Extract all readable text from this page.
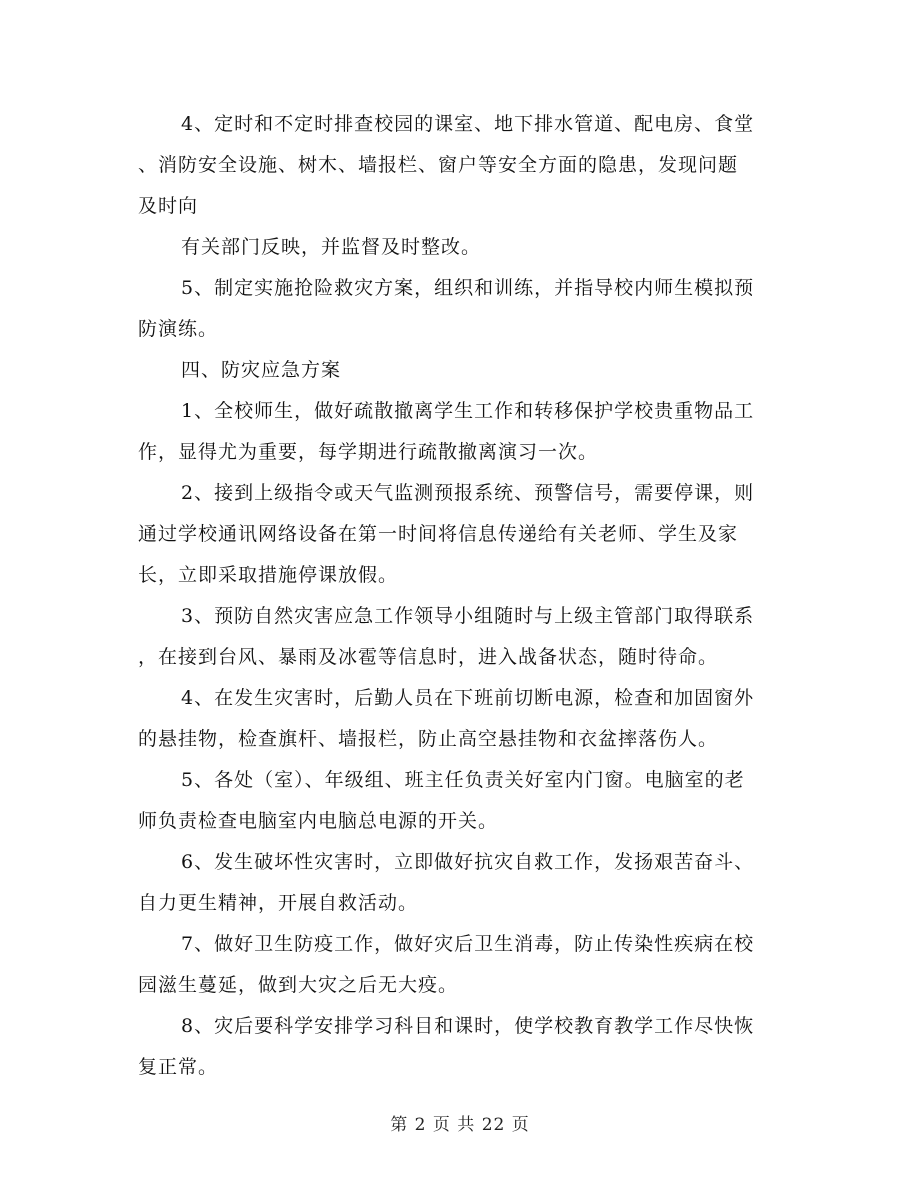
4、定时和不定时排查校园的课室、地下排水管道、配电房、食堂
、消防安全设施、树木、墙报栏、窗户等安全方面的隐患，发现问题
及时向

有关部门反映，并监督及时整改。

5、制定实施抢险救灾方案，组织和训练，并指导校内师生模拟预
防演练。

四、防灾应急方案

1、全校师生，做好疏散撤离学生工作和转移保护学校贵重物品工
作，显得尤为重要，每学期进行疏散撤离演习一次。

2、接到上级指令或天气监测预报系统、预警信号，需要停课，则
通过学校通讯网络设备在第一时间将信息传递给有关老师、学生及家
长，立即采取措施停课放假。

3、预防自然灾害应急工作领导小组随时与上级主管部门取得联系
，在接到台风、暴雨及冰雹等信息时，进入战备状态，随时待命。

4、在发生灾害时，后勤人员在下班前切断电源，检查和加固窗外
的悬挂物，检查旗杆、墙报栏，防止高空悬挂物和衣盆摔落伤人。

5、各处（室）、年级组、班主任负责关好室内门窗。电脑室的老
师负责检查电脑室内电脑总电源的开关。

6、发生破坏性灾害时，立即做好抗灾自救工作，发扬艰苦奋斗、
自力更生精神，开展自救活动。

7、做好卫生防疫工作，做好灾后卫生消毒，防止传染性疾病在校
园滋生蔓延，做到大灾之后无大疫。

8、灾后要科学安排学习科目和课时，使学校教育教学工作尽快恢
复正常。

第 2 页 共 22 页
